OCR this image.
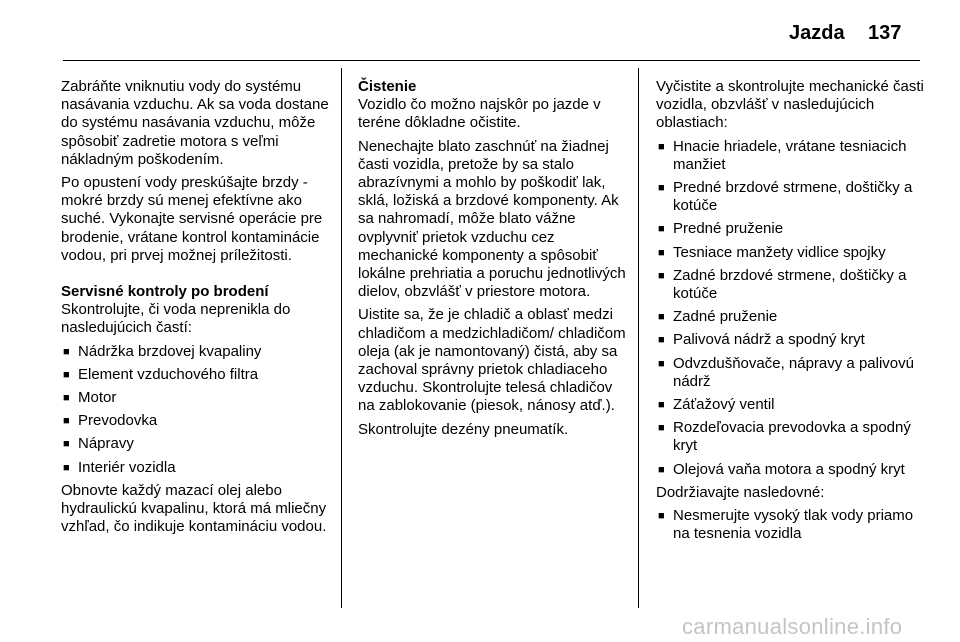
Jazda 137

Zabráňte vniknutiu vody do systému nasávania vzduchu. Ak sa voda dostane do systému nasávania vzduchu, môže spôsobiť zadretie motora s veľmi nákladným poškodením.

Po opustení vody preskúšajte brzdy - mokré brzdy sú menej efektívne ako suché. Vykonajte servisné operácie pre brodenie, vrátane kontrol kontaminácie vodou, pri prvej možnej príležitosti.

Servisné kontroly po brodení

Skontrolujte, či voda neprenikla do nasledujúcich častí:

■ Nádržka brzdovej kvapaliny
■ Element vzduchového filtra
■ Motor
■ Prevodovka
■ Nápravy
■ Interiér vozidla

Obnovte každý mazací olej alebo hydraulickú kvapalinu, ktorá má mliečny vzhľad, čo indikuje kontamináciu vodou.

Čistenie

Vozidlo čo možno najskôr po jazde v teréne dôkladne očistite.

Nenechajte blato zaschnúť na žiadnej časti vozidla, pretože by sa stalo abrazívnymi a mohlo by poškodiť lak, sklá, ložiská a brzdové komponenty. Ak sa nahromadí, môže blato vážne ovplyvniť prietok vzduchu cez mechanické komponenty a spôsobiť lokálne prehriatia a poruchu jednotlivých dielov, obzvlášť v priestore motora.

Uistite sa, že je chladič a oblasť medzi chladičom a medzichladičom/ chladičom oleja (ak je namontovaný) čistá, aby sa zachoval správny prietok chladiaceho vzduchu. Skontrolujte telesá chladičov na zablokovanie (piesok, nánosy atď.).

Skontrolujte dezény pneumatík.

Vyčistite a skontrolujte mechanické časti vozidla, obzvlášť v nasledujúcich oblastiach:

■ Hnacie hriadele, vrátane tesniacich manžiet
■ Predné brzdové strmene, doštičky a kotúče
■ Predné pruženie
■ Tesniace manžety vidlice spojky
■ Zadné brzdové strmene, doštičky a kotúče
■ Zadné pruženie
■ Palivová nádrž a spodný kryt
■ Odvzdušňovače, nápravy a palivovú nádrž
■ Záťažový ventil
■ Rozdeľovacia prevodovka a spodný kryt
■ Olejová vaňa motora a spodný kryt

Dodržiavajte nasledovné:

■ Nesmerujte vysoký tlak vody priamo na tesnenia vozidla
carmanualsonline.info
